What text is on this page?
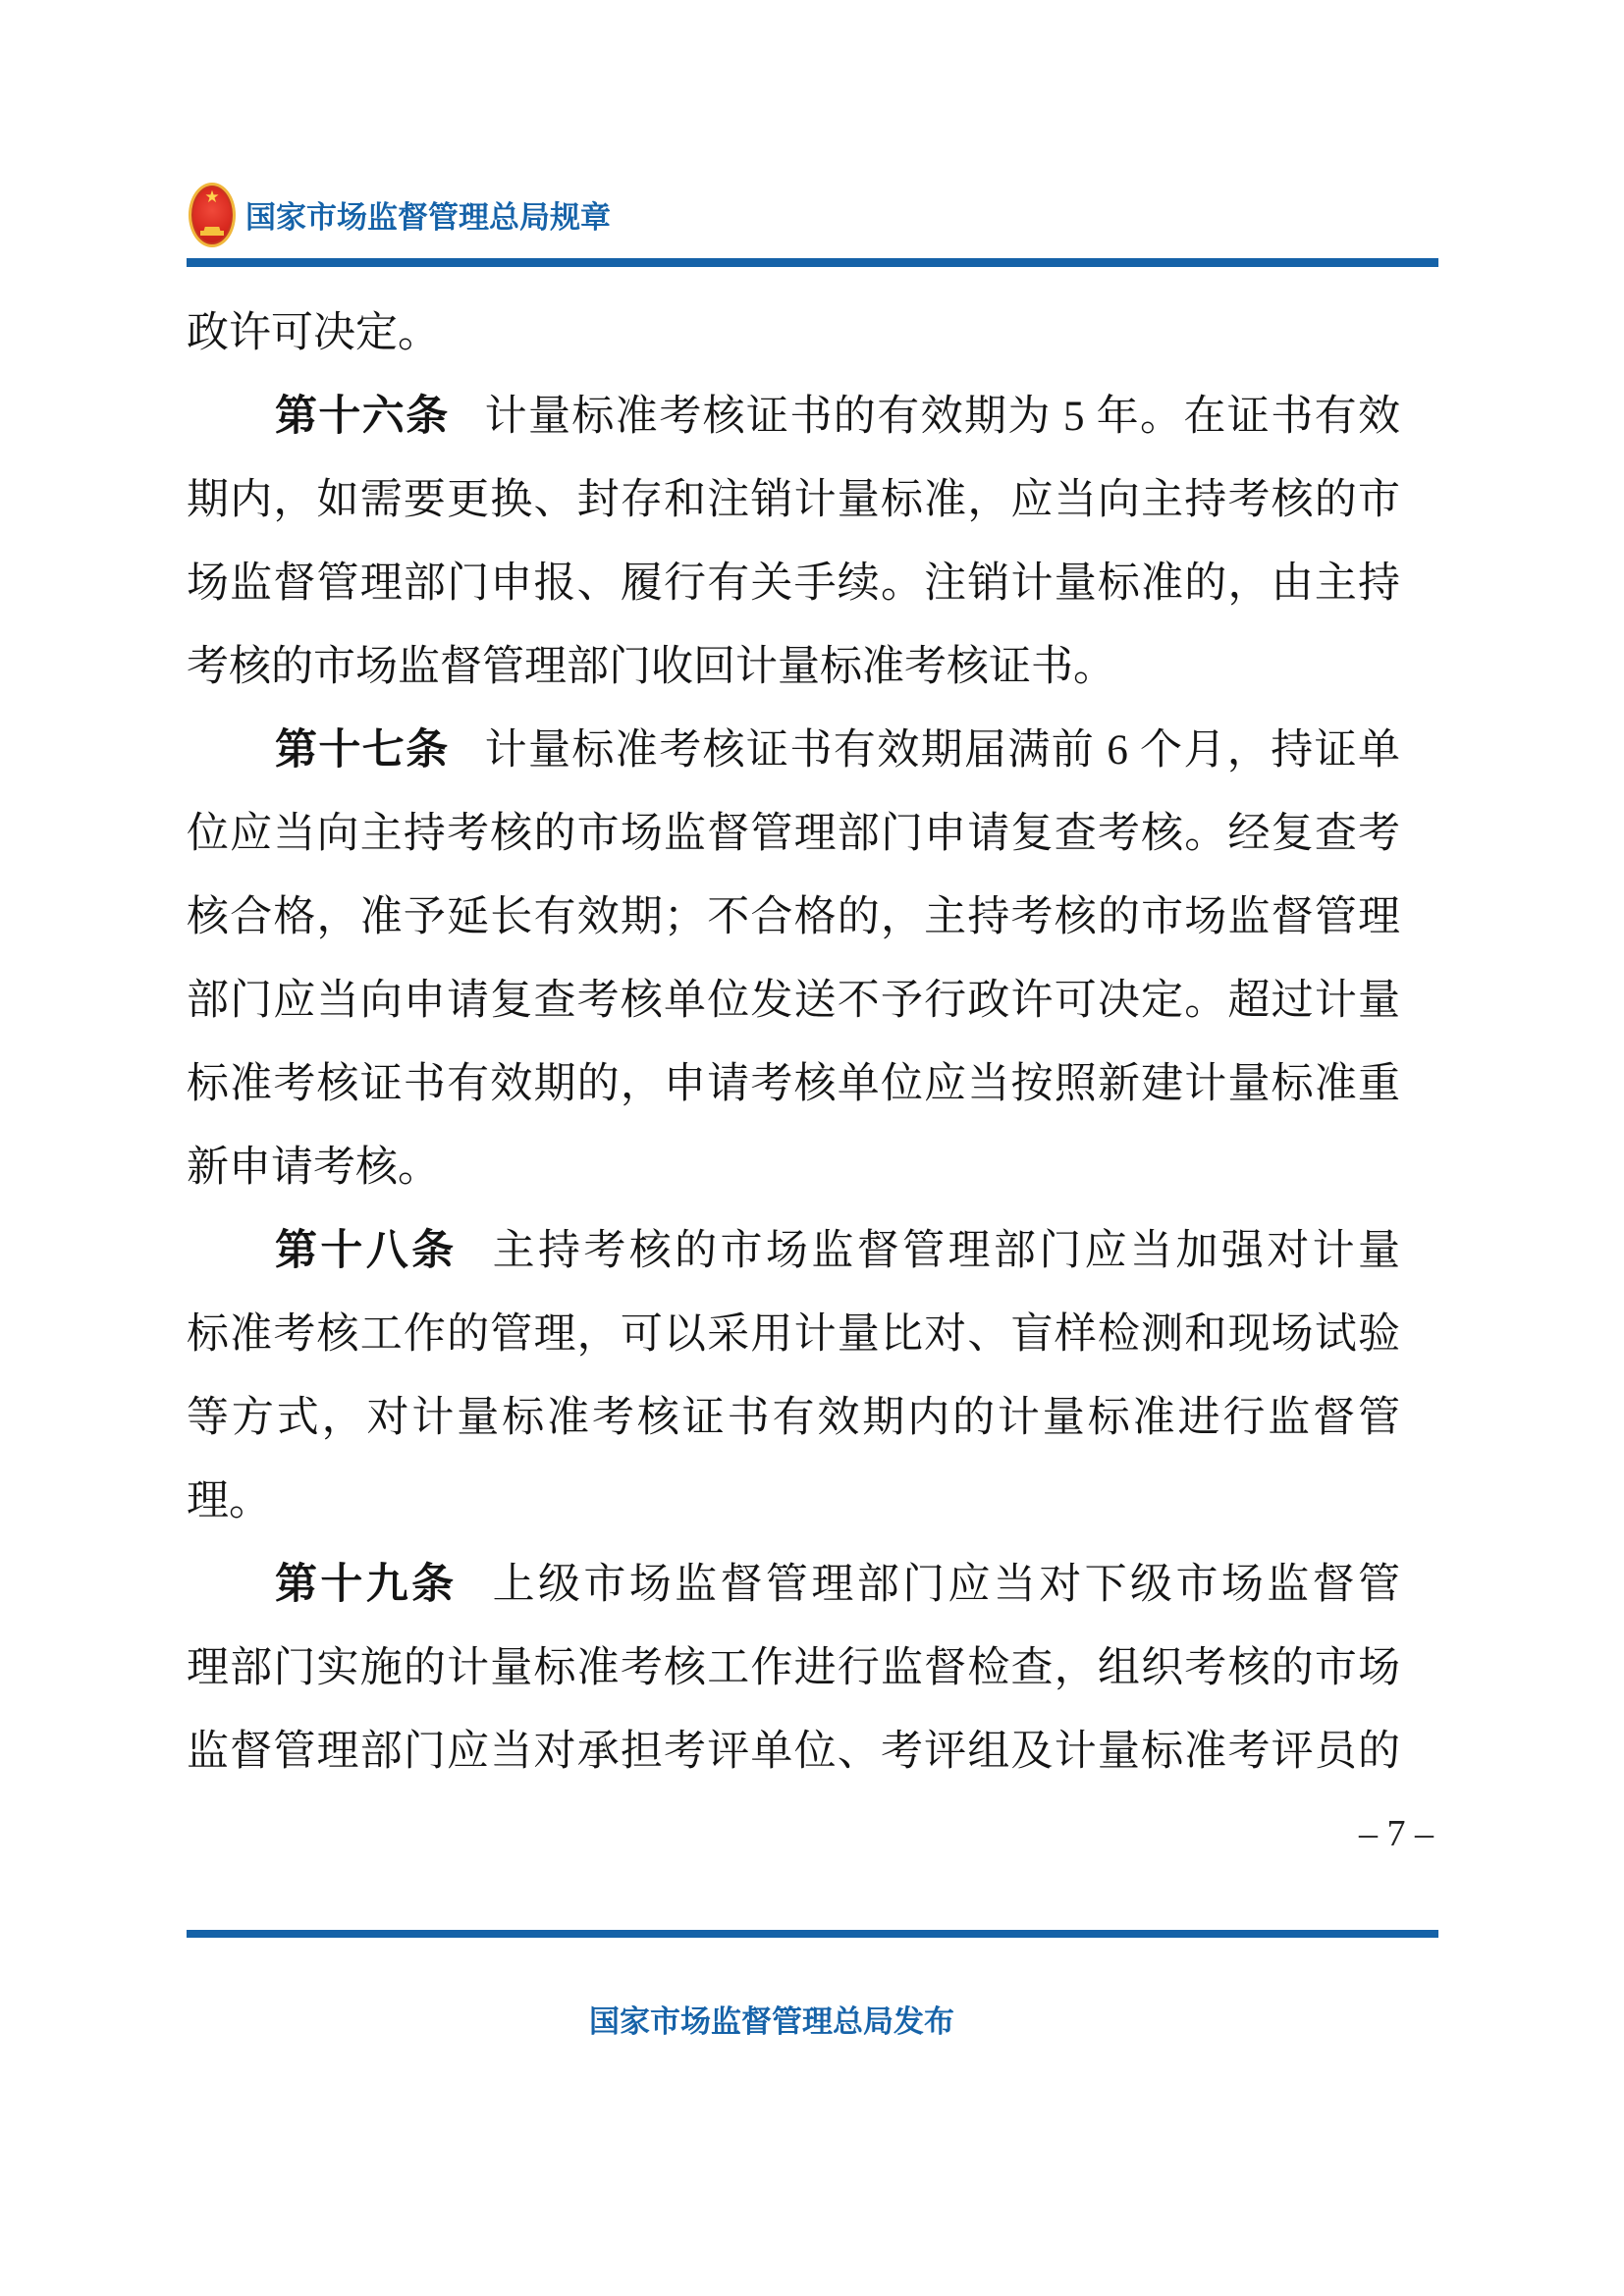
★
国家市场监督管理总局规章
政许可决定。
第十六条 计量标准考核证书的有效期为 5 年。在证书有效
期内，如需要更换、封存和注销计量标准，应当向主持考核的市
场监督管理部门申报、履行有关手续。注销计量标准的，由主持
考核的市场监督管理部门收回计量标准考核证书。
第十七条 计量标准考核证书有效期届满前 6 个月，持证单
位应当向主持考核的市场监督管理部门申请复查考核。经复查考
核合格，准予延长有效期；不合格的，主持考核的市场监督管理
部门应当向申请复查考核单位发送不予行政许可决定。超过计量
标准考核证书有效期的，申请考核单位应当按照新建计量标准重
新申请考核。
第十八条 主持考核的市场监督管理部门应当加强对计量
标准考核工作的管理，可以采用计量比对、盲样检测和现场试验
等方式，对计量标准考核证书有效期内的计量标准进行监督管
理。
第十九条 上级市场监督管理部门应当对下级市场监督管
理部门实施的计量标准考核工作进行监督检查，组织考核的市场
监督管理部门应当对承担考评单位、考评组及计量标准考评员的
– 7 –
国家市场监督管理总局发布
